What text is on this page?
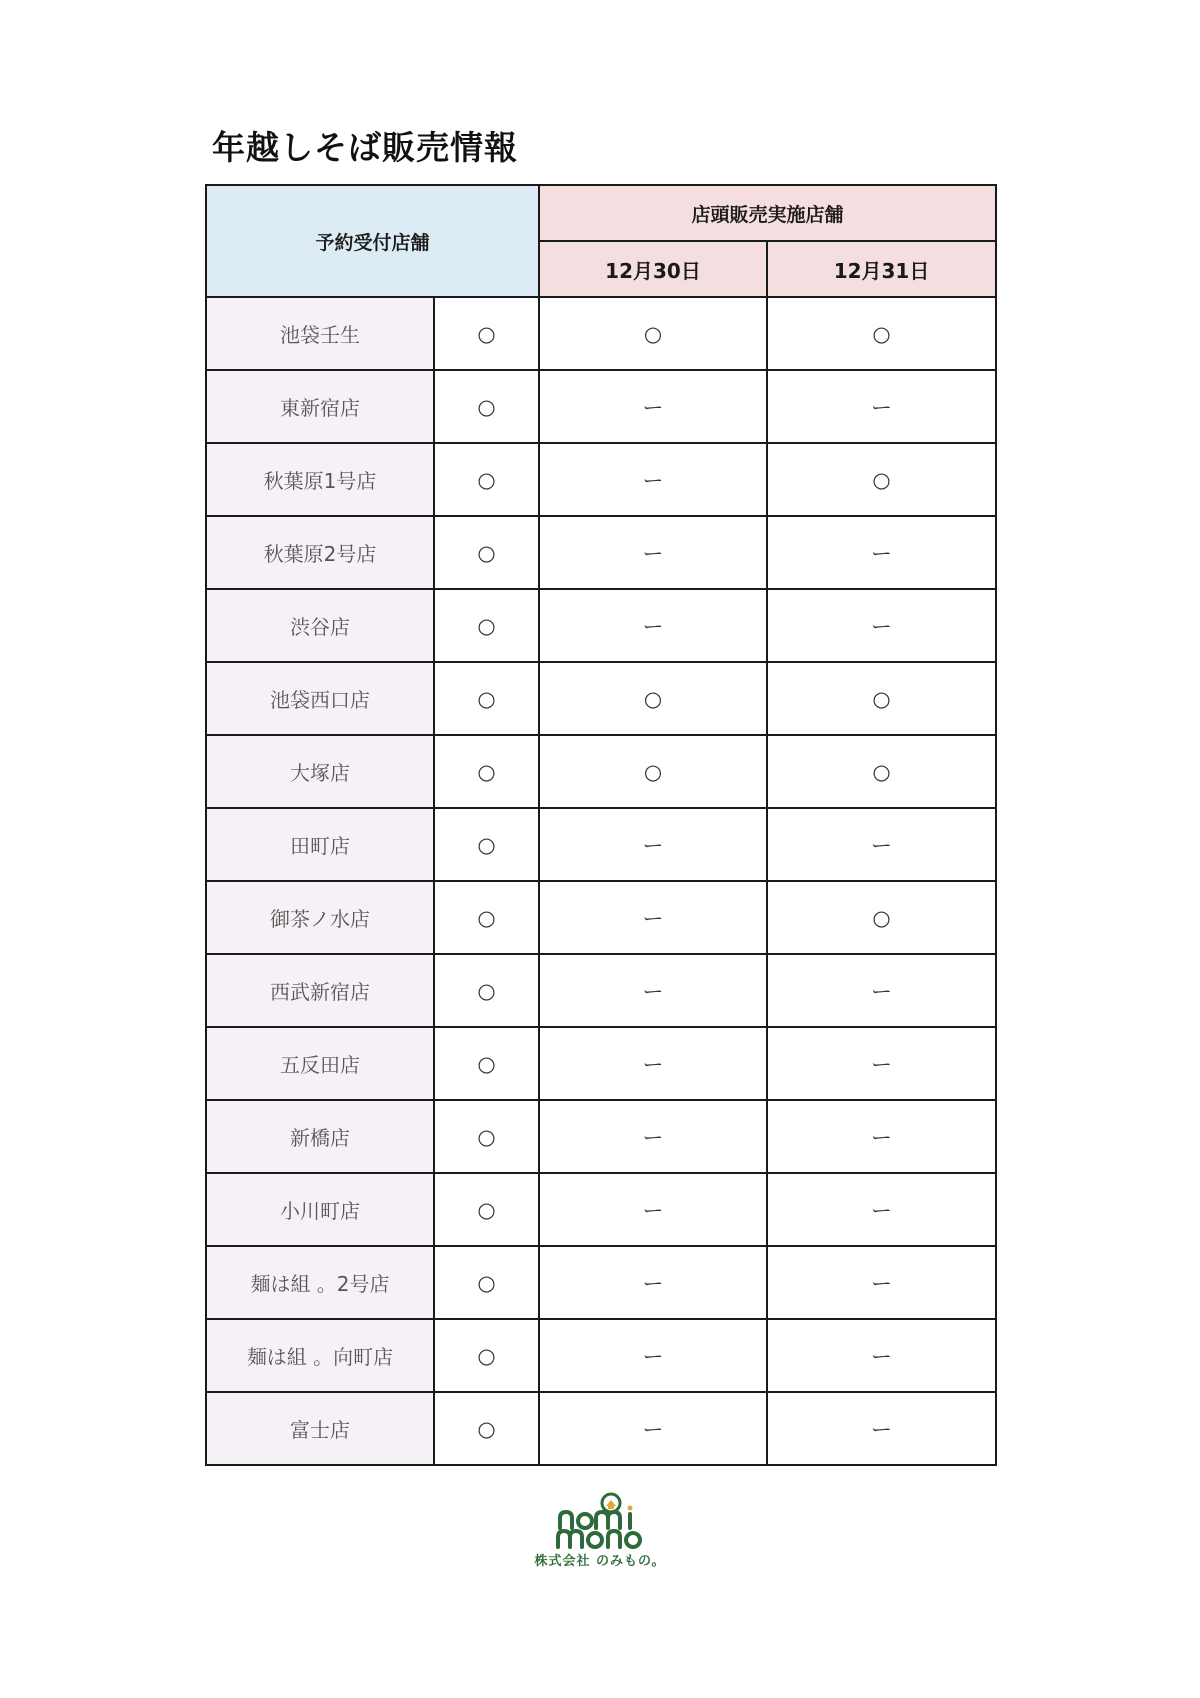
年越しそば販売情報
予約受付店舗		店頭販売実施店舗	
		12月30日	12月31日
池袋壬生	○	○	○
東新宿店	○	ー	ー
秋葉原1号店	○	ー	○
秋葉原2号店	○	ー	ー
渋谷店	○	ー	ー
池袋西口店	○	○	○
大塚店	○	○	○
田町店	○	ー	ー
御茶ノ水店	○	ー	○
西武新宿店	○	ー	ー
五反田店	○	ー	ー
新橋店	○	ー	ー
小川町店	○	ー	ー
麺は組 。2号店	○	ー	ー
麺は組 。向町店	○	ー	ー
富士店	○	ー	ー
株式会社 のみもの。
